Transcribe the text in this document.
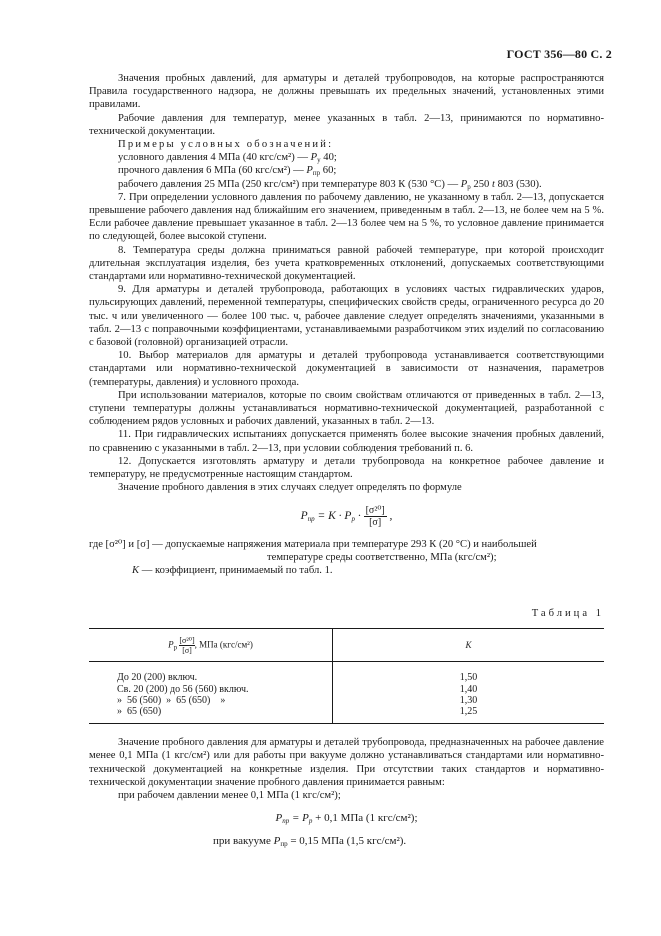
ГОСТ 356—80 С. 2

Значения пробных давлений, для арматуры и деталей трубопроводов, на которые распространяются Правила государственного надзора, не должны превышать их предельных значений, установленных этими правилами.

Рабочие давления для температур, менее указанных в табл. 2—13, принимаются по нормативно-технической документации.

Примеры условных обозначений:

условного давления 4 МПа (40 кгс/см²) — $P_y$ 40;

прочного давления 6 МПа (60 кгс/см²) — $P_{пр}$ 60;

рабочего давления 25 МПа (250 кгс/см²) при температуре 803 К (530 °С) — $P_р$ 250 t 803 (530).

7. При определении условного давления по рабочему давлению, не указанному в табл. 2—13, допускается превышение рабочего давления над ближайшим его значением, приведенным в табл. 2—13, не более чем на 5 %. Если рабочее давление превышает указанное в табл. 2—13 более чем на 5 %, то условное давление принимается по следующей, более высокой ступени.

8. Температура среды должна приниматься равной рабочей температуре, при которой происходит длительная эксплуатация изделия, без учета кратковременных отклонений, допускаемых соответствующими стандартами или нормативно-технической документацией.

9. Для арматуры и деталей трубопровода, работающих в условиях частых гидравлических ударов, пульсирующих давлений, переменной температуры, специфических свойств среды, ограниченного ресурса до 20 тыс. ч или увеличенного — более 100 тыс. ч, рабочее давление следует определять значениями, указанными в табл. 2—13 с поправочными коэффициентами, устанавливаемыми разработчиком этих изделий по согласованию с базовой (головной) организацией отрасли.

10. Выбор материалов для арматуры и деталей трубопровода устанавливается соответствующими стандартами или нормативно-технической документацией в зависимости от назначения, параметров (температуры, давления) и условного прохода.

При использовании материалов, которые по своим свойствам отличаются от приведенных в табл. 2—13, ступени температуры должны устанавливаться нормативно-технической документацией, разработанной с соблюдением рядов условных и рабочих давлений, указанных в табл. 2—13.

11. При гидравлических испытаниях допускается применять более высокие значения пробных давлений, по сравнению с указанными в табл. 2—13, при условии соблюдения требований п. 6.

12. Допускается изготовлять арматуру и детали трубопровода на конкретное рабочее давление и температуру, не предусмотренные настоящим стандартом.

Значение пробного давления в этих случаях следует определять по формуле

$P_{пр} = K \cdot P_р \cdot \frac{\text{[σ²⁰]}}{[\sigma]}$ ,
где [σ²⁰] и [σ] — допускаемые напряжения материала при температуре 293 К (20 °С) и наибольшей
температуре среды соответственно, МПа (кгс/см²);
K — коэффициент, принимаемый по табл. 1.
Таблица 1
$P_р \frac{\text{[σ²⁰]}}{[\sigma]}$ , МПа (кгс/см²)	K
До 20 (200) включ.	1,50
Св. 20 (200) до 56 (560) включ.	1,40
»  56 (560)  »  65 (650)    »	1,30
»  65 (650)	1,25

Значение пробного давления для арматуры и деталей трубопровода, предназначенных на рабочее давление менее 0,1 МПа (1 кгс/см²) или для работы при вакууме должно устанавливаться стандартами или нормативно-технической документацией на конкретные изделия. При отсутствии таких стандартов и нормативно-технической документации значение пробного давления принимается равным:

при рабочем давлении менее 0,1 МПа (1 кгс/см²);

$P_{пр} = P_р + 0,1$ МПа (1 кгс/см²);
при вакууме $P_{пр} = 0,15$ МПа (1,5 кгс/см²).
